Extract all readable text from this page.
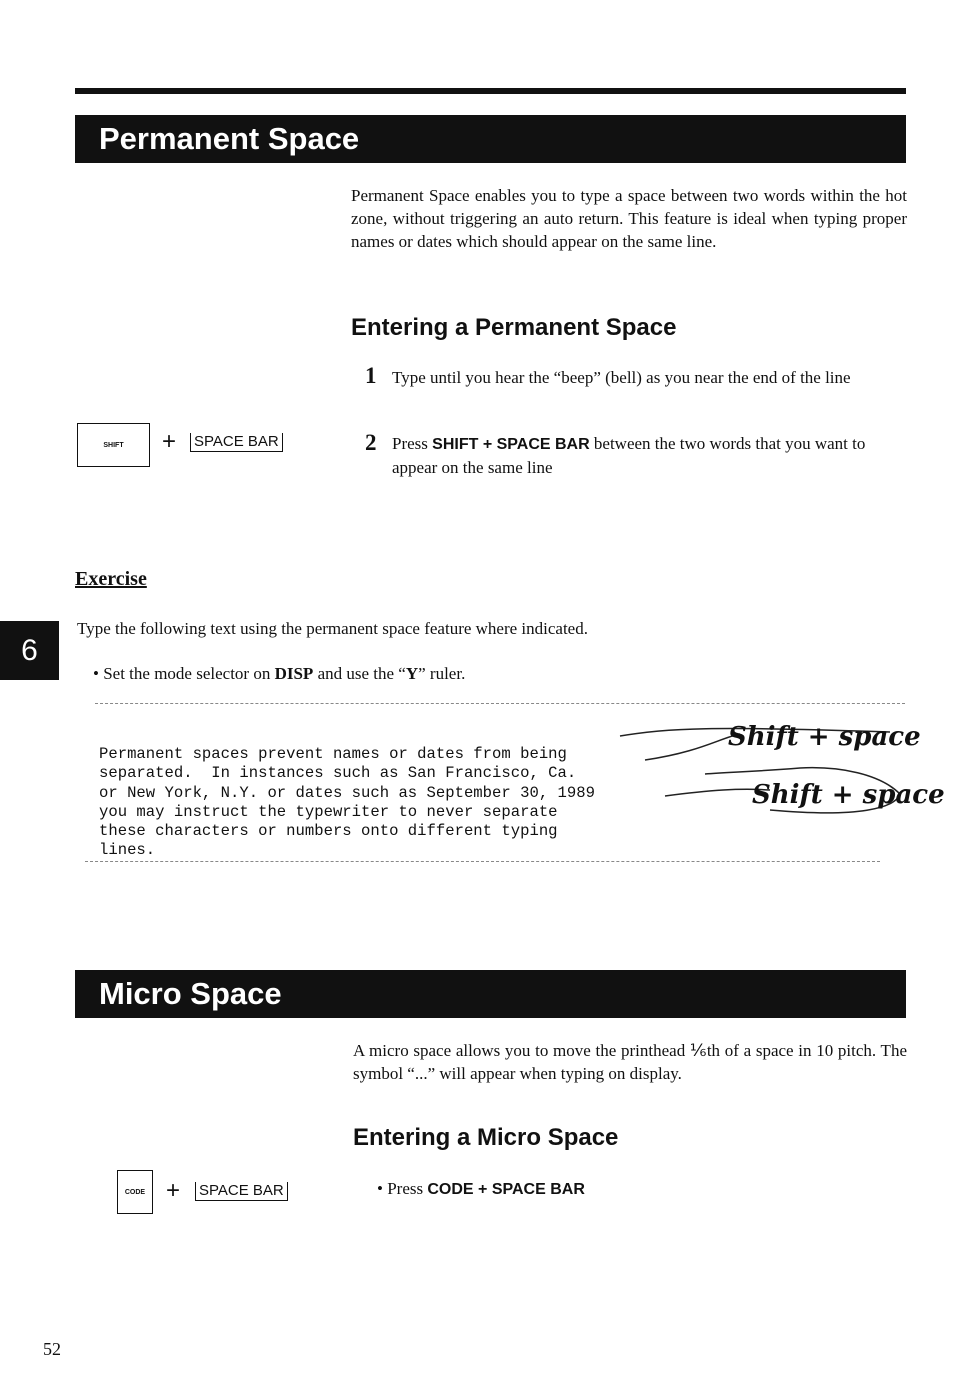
6
Permanent Space
Permanent Space enables you to type a space between two words within the hot zone, without triggering an auto return. This feature is ideal when typing proper names or dates which should appear on the same line.
Entering a Permanent Space
1 Type until you hear the “beep” (bell) as you near the end of the line
2 Press SHIFT + SPACE BAR between the two words that you want to appear on the same line
SHIFT	+ SPACE BAR
Exercise
Type the following text using the permanent space feature where indicated.
• Set the mode selector on DISP and use the “Y” ruler.

Permanent spaces prevent names or dates from being
separated.  In instances such as San Francisco, Ca.
or New York, N.Y. or dates such as September 30, 1989
you may instruct the typewriter to never separate
these characters or numbers onto different typing
lines.
Shift + space
Shift + space
Micro Space
A micro space allows you to move the printhead ⅙th of a space in 10 pitch. The symbol “...” will appear when typing on display.
Entering a Micro Space
• Press CODE + SPACE BAR
CODE + SPACE BAR
52
